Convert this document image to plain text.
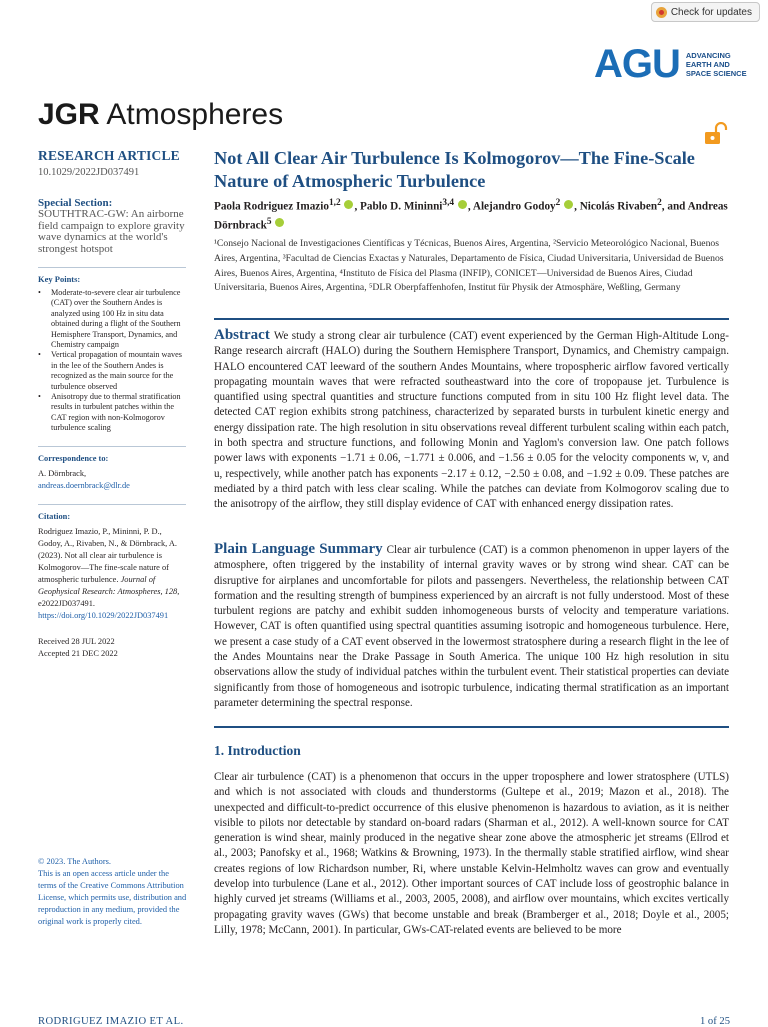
Check for updates
AGU ADVANCING
EARTH AND
SPACE SCIENCE
JGR Atmospheres
RESEARCH ARTICLE
10.1029/2022JD037491
Special Section:
SOUTHTRAC-GW: An airborne field campaign to explore gravity wave dynamics at the world's strongest hotspot
Key Points:
• Moderate-to-severe clear air turbulence (CAT) over the Southern Andes is analyzed using 100 Hz in situ data obtained during a flight of the Southern Hemisphere Transport, Dynamics, and Chemistry campaign
• Vertical propagation of mountain waves in the lee of the Southern Andes is recognized as the main source for the turbulence observed
• Anisotropy due to thermal stratification results in turbulent patches within the CAT region with non-Kolmogorov turbulence scaling
Correspondence to:
A. Dörnbrack,
andreas.doernbrack@dlr.de
Citation:
Rodriguez Imazio, P., Mininni, P. D., Godoy, A., Rivaben, N., & Dörnbrack, A. (2023). Not all clear air turbulence is Kolmogorov—The fine-scale nature of atmospheric turbulence. Journal of Geophysical Research: Atmospheres, 128, e2022JD037491. https://doi.org/10.1029/2022JD037491
Received 28 JUL 2022
Accepted 21 DEC 2022
© 2023. The Authors.
This is an open access article under the terms of the Creative Commons Attribution License, which permits use, distribution and reproduction in any medium, provided the original work is properly cited.
Not All Clear Air Turbulence Is Kolmogorov—The Fine-Scale Nature of Atmospheric Turbulence
Paola Rodriguez Imazio$^{1,2}$ , Pablo D. Mininni$^{3,4}$ , Alejandro Godoy$^2$ , Nicolás Rivaben$^2$, and Andreas Dörnbrack$^5$
¹Consejo Nacional de Investigaciones Científicas y Técnicas, Buenos Aires, Argentina, ²Servicio Meteorológico Nacional, Buenos Aires, Argentina, ³Facultad de Ciencias Exactas y Naturales, Departamento de Física, Ciudad Universitaria, Universidad de Buenos Aires, Buenos Aires, Argentina, ⁴Instituto de Física del Plasma (INFIP), CONICET—Universidad de Buenos Aires, Ciudad Universitaria, Buenos Aires, Argentina, ⁵DLR Oberpfaffenhofen, Institut für Physik der Atmosphäre, Weßling, Germany
Abstract We study a strong clear air turbulence (CAT) event experienced by the German High-Altitude Long-Range research aircraft (HALO) during the Southern Hemisphere Transport, Dynamics, and Chemistry campaign. HALO encountered CAT leeward of the southern Andes Mountains, where tropospheric airflow favored vertically propagating mountain waves that were refracted southeastward into the core of tropopause jet. Turbulence is quantified using spectral quantities and structure functions computed from in situ 100 Hz flight level data. The detected CAT region exhibits strong patchiness, characterized by separated bursts in turbulent kinetic energy and energy dissipation rate. The high resolution in situ observations reveal different turbulent scaling within each patch, in both spectra and structure functions, and following Monin and Yaglom's conversion law. One patch follows power laws with exponents −1.71 ± 0.06, −1.771 ± 0.006, and −1.56 ± 0.05 for the velocity components w, v, and u, respectively, while another patch has exponents −2.17 ± 0.12, −2.50 ± 0.08, and −1.92 ± 0.09. These patches are mediated by a third patch with less clear scaling. While the patches can deviate from Kolmogorov scaling due to the anisotropy of the airflow, they still display evidence of CAT with enhanced energy dissipation rates.
Plain Language Summary Clear air turbulence (CAT) is a common phenomenon in upper layers of the atmosphere, often triggered by the instability of internal gravity waves or by strong wind shear. CAT can be disruptive for airplanes and uncomfortable for pilots and passengers. Nevertheless, the relationship between CAT formation and the resulting strength of bumpiness experienced by an aircraft is not fully understood. Most of these turbulent regions are patchy and exhibit sudden inhomogeneous bursts of velocity and temperature variations. However, CAT is often quantified using spectral quantities assuming isotropic and homogeneous turbulence. Here, we present a case study of a CAT event observed in the lowermost stratosphere during a research flight in the lee of the Andes Mountains near the Drake Passage in South America. The unique 100 Hz high resolution in situ observations allow the study of individual patches within the turbulent event. Their statistical properties can deviate significantly from those of homogeneous and isotropic turbulence, indicating thermal stratification as an important parameter determining the spectral response.
1. Introduction
Clear air turbulence (CAT) is a phenomenon that occurs in the upper troposphere and lower stratosphere (UTLS) and which is not associated with clouds and thunderstorms (Gultepe et al., 2019; Mazon et al., 2018). The unexpected and difficult-to-predict occurrence of this elusive phenomenon is hazardous to aviation, as it is neither visible to pilots nor detectable by standard on-board radars (Sharman et al., 2012). A well-known source for CAT generation is wind shear, mainly produced in the negative shear zone above the atmospheric jet streams (Ellrod et al., 2003; Panofsky et al., 1968; Watkins & Browning, 1973). In the thermally stable stratified airflow, wind shear creates regions of low Richardson number, Ri, where unstable Kelvin-Helmholtz waves can grow and eventually develop into turbulence (Lane et al., 2012). Other important sources of CAT include loss of geostrophic balance in highly curved jet streams (Williams et al., 2003, 2005, 2008), and airflow over mountains, which excites vertically propagating gravity waves (GWs) that become unstable and break (Bramberger et al., 2018; Doyle et al., 2005; Lilly, 1978; McCann, 2001). In particular, GWs-CAT-related events are believed to be more
RODRIGUEZ IMAZIO ET AL.	1 of 25
